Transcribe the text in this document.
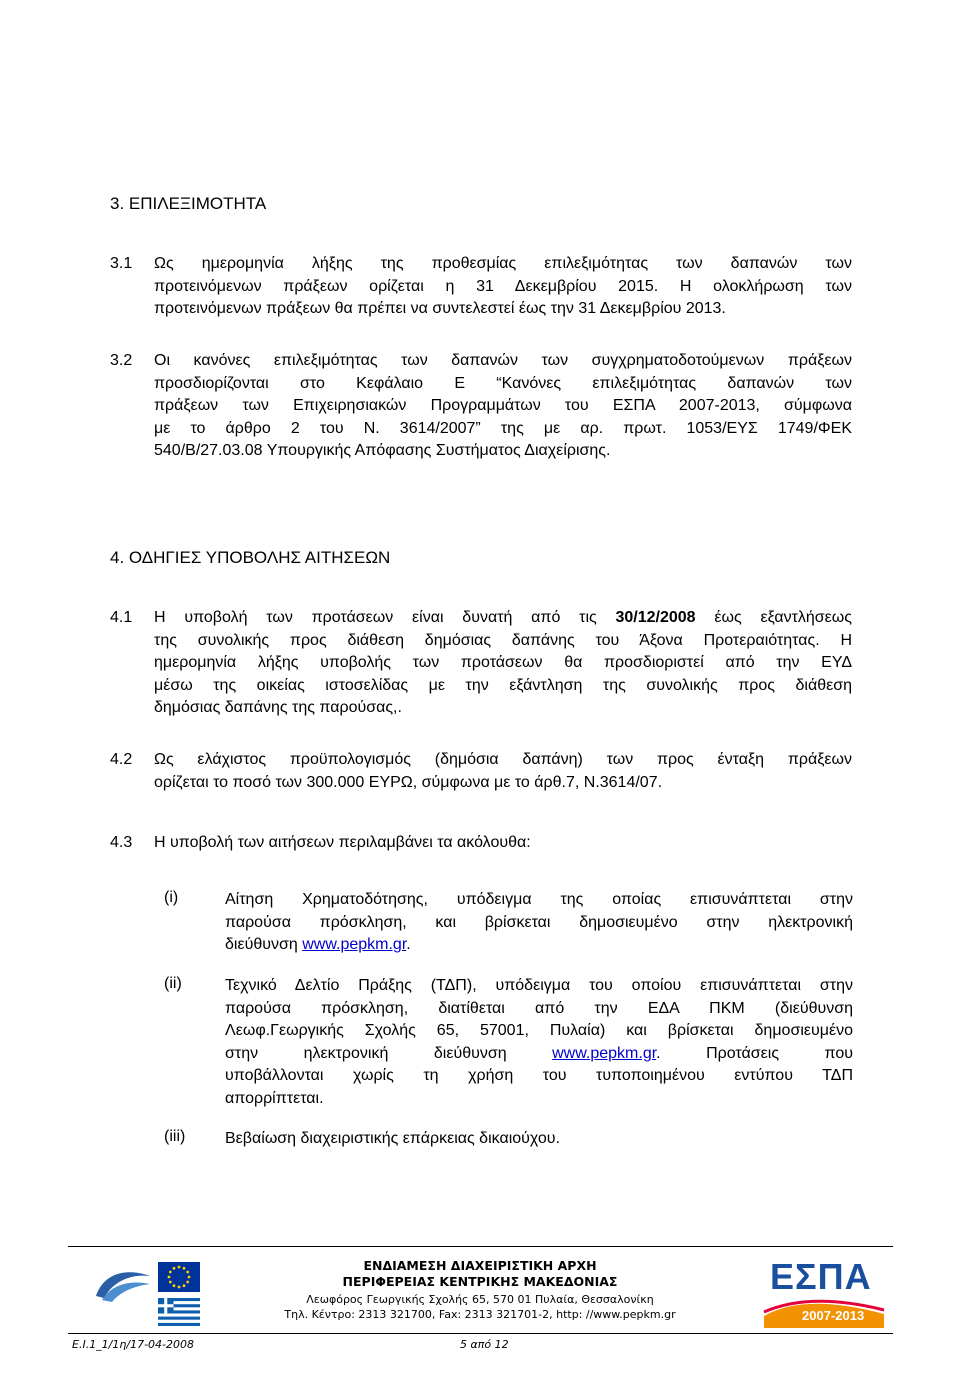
3. ΕΠΙΛΕΞΙΜΟΤΗΤΑ
3.1 Ως ημερομηνία λήξης της προθεσμίας επιλεξιμότητας των δαπανών των
προτεινόμενων πράξεων ορίζεται η 31 Δεκεμβρίου 2015. Η ολοκλήρωση των
προτεινόμενων πράξεων θα πρέπει να συντελεστεί έως την 31 Δεκεμβρίου 2013.
3.2 Οι κανόνες επιλεξιμότητας των δαπανών των συγχρηματοδοτούμενων πράξεων
προσδιορίζονται στο Κεφάλαιο Ε “Κανόνες επιλεξιμότητας δαπανών των
πράξεων των Επιχειρησιακών Προγραμμάτων του ΕΣΠΑ 2007-2013, σύμφωνα
με το άρθρο 2 του Ν. 3614/2007” της με αρ. πρωτ. 1053/ΕΥΣ 1749/ΦΕΚ
540/Β/27.03.08 Υπουργικής Απόφασης Συστήματος Διαχείρισης.
4. ΟΔΗΓΙΕΣ ΥΠΟΒΟΛΗΣ ΑΙΤΗΣΕΩΝ
4.1 Η υποβολή των προτάσεων είναι δυνατή από τις 30/12/2008 έως εξαντλήσεως
της συνολικής προς διάθεση δημόσιας δαπάνης του Άξονα Προτεραιότητας. Η
ημερομηνία λήξης υποβολής των προτάσεων θα προσδιοριστεί από την ΕΥΔ
μέσω της οικείας ιστοσελίδας με την εξάντληση της συνολικής προς διάθεση
δημόσιας δαπάνης της παρούσας,.
4.2 Ως ελάχιστος προϋπολογισμός (δημόσια δαπάνη) των προς ένταξη πράξεων
ορίζεται το ποσό των 300.000 ΕΥΡΩ, σύμφωνα με το άρθ.7, Ν.3614/07.
4.3 Η υποβολή των αιτήσεων περιλαμβάνει τα ακόλουθα:
(i)	Αίτηση Χρηματοδότησης, υπόδειγμα της οποίας επισυνάπτεται στην
παρούσα πρόσκληση, και βρίσκεται δημοσιευμένο στην ηλεκτρονική
διεύθυνση www.pepkm.gr.
(ii)	Τεχνικό Δελτίο Πράξης (ΤΔΠ), υπόδειγμα του οποίου επισυνάπτεται στην
παρούσα πρόσκληση, διατίθεται από την ΕΔΑ ΠΚΜ (διεύθυνση
Λεωφ.Γεωργικής Σχολής 65, 57001, Πυλαία) και βρίσκεται δημοσιευμένο
στην ηλεκτρονική διεύθυνση www.pepkm.gr. Προτάσεις που
υποβάλλονται χωρίς τη χρήση του τυποποιημένου εντύπου ΤΔΠ
απορρίπτεται.
(iii) Βεβαίωση διαχειριστικής επάρκειας δικαιούχου.
ΕΝΔΙΑΜΕΣΗ ΔΙΑΧΕΙΡΙΣΤΙΚΗ ΑΡΧΗ
ΠΕΡΙΦΕΡΕΙΑΣ ΚΕΝΤΡΙΚΗΣ ΜΑΚΕΔΟΝΙΑΣ
Λεωφόρος Γεωργικής Σχολής 65, 570 01 Πυλαία, Θεσσαλονίκη
Τηλ. Κέντρο: 2313 321700, Fax: 2313 321701-2, http: //www.pepkm.gr
ΕΣΠΑ
2007-2013
E.I.1_1/1η/17-04-2008	5 από 12
